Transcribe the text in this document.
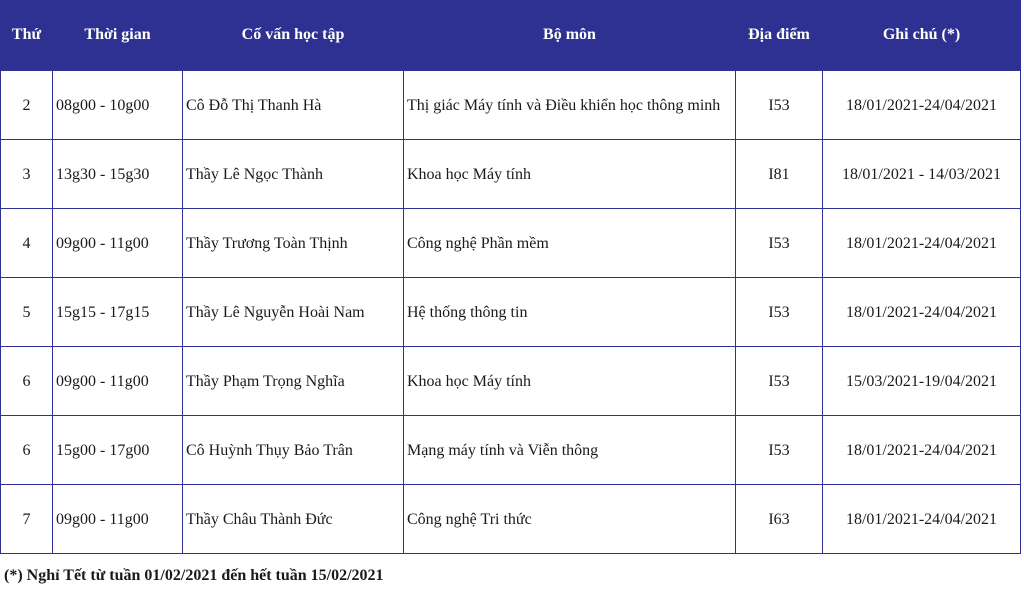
Thứ	Thời gian	Cố vấn học tập	Bộ môn	Địa điểm	Ghi chú (*)
2	08g00 - 10g00	Cô Đỗ Thị Thanh Hà	Thị giác Máy tính và Điều khiển học thông minh	I53	18/01/2021-24/04/2021
3	13g30 - 15g30	Thầy Lê Ngọc Thành	Khoa học Máy tính	I81	18/01/2021 - 14/03/2021
4	09g00 - 11g00	Thầy Trương Toàn Thịnh	Công nghệ Phần mềm	I53	18/01/2021-24/04/2021
5	15g15 - 17g15	Thầy Lê Nguyễn Hoài Nam	Hệ thống thông tin	I53	18/01/2021-24/04/2021
6	09g00 - 11g00	Thầy Phạm Trọng Nghĩa	Khoa học Máy tính	I53	15/03/2021-19/04/2021
6	15g00 - 17g00	Cô Huỳnh Thụy Bảo Trân	Mạng máy tính và Viễn thông	I53	18/01/2021-24/04/2021
7	09g00 - 11g00	Thầy Châu Thành Đức	Công nghệ Tri thức	I63	18/01/2021-24/04/2021
(*) Nghỉ Tết từ tuần 01/02/2021 đến hết tuần 15/02/2021
